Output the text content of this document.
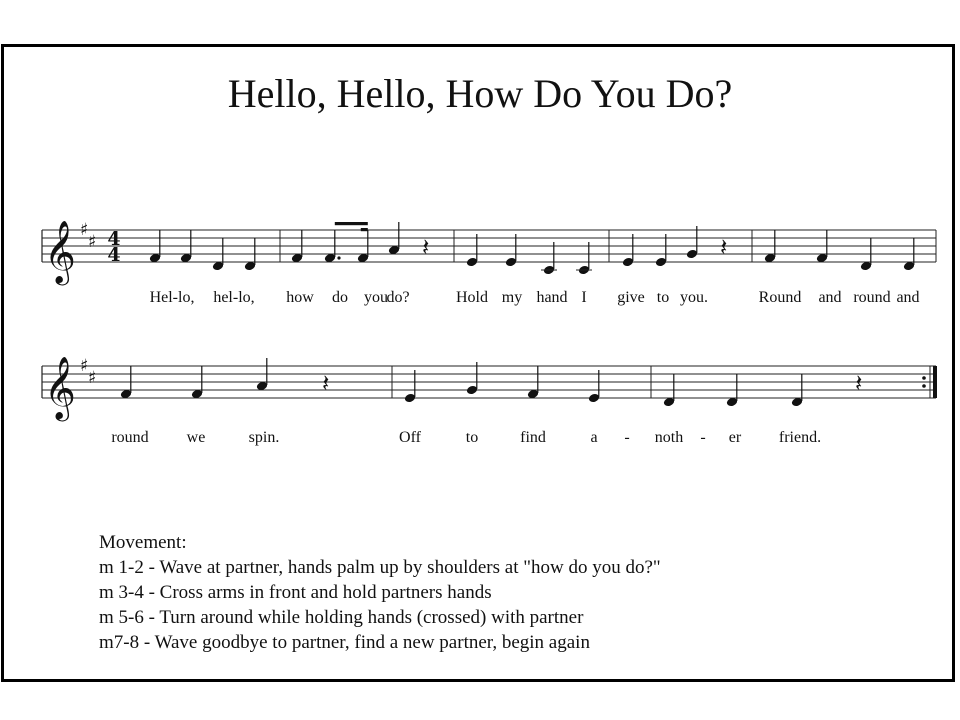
Hello, Hello, How Do You Do?
𝄞 ♯
♯ 4
4	𝄽	𝄽
𝄞 ♯
♯	𝄽	𝄽
Hel-lo, hel-lo, how do you
do?	Hold my hand I give to you.	Round and round and
round we	spin.	Off	to	find	a - noth - er friend.
Movement:
m 1-2 - Wave at partner, hands palm up by shoulders at "how do you do?"
m 3-4 - Cross arms in front and hold partners hands
m 5-6 - Turn around while holding hands (crossed) with partner
m7-8 - Wave goodbye to partner, find a new partner, begin again
